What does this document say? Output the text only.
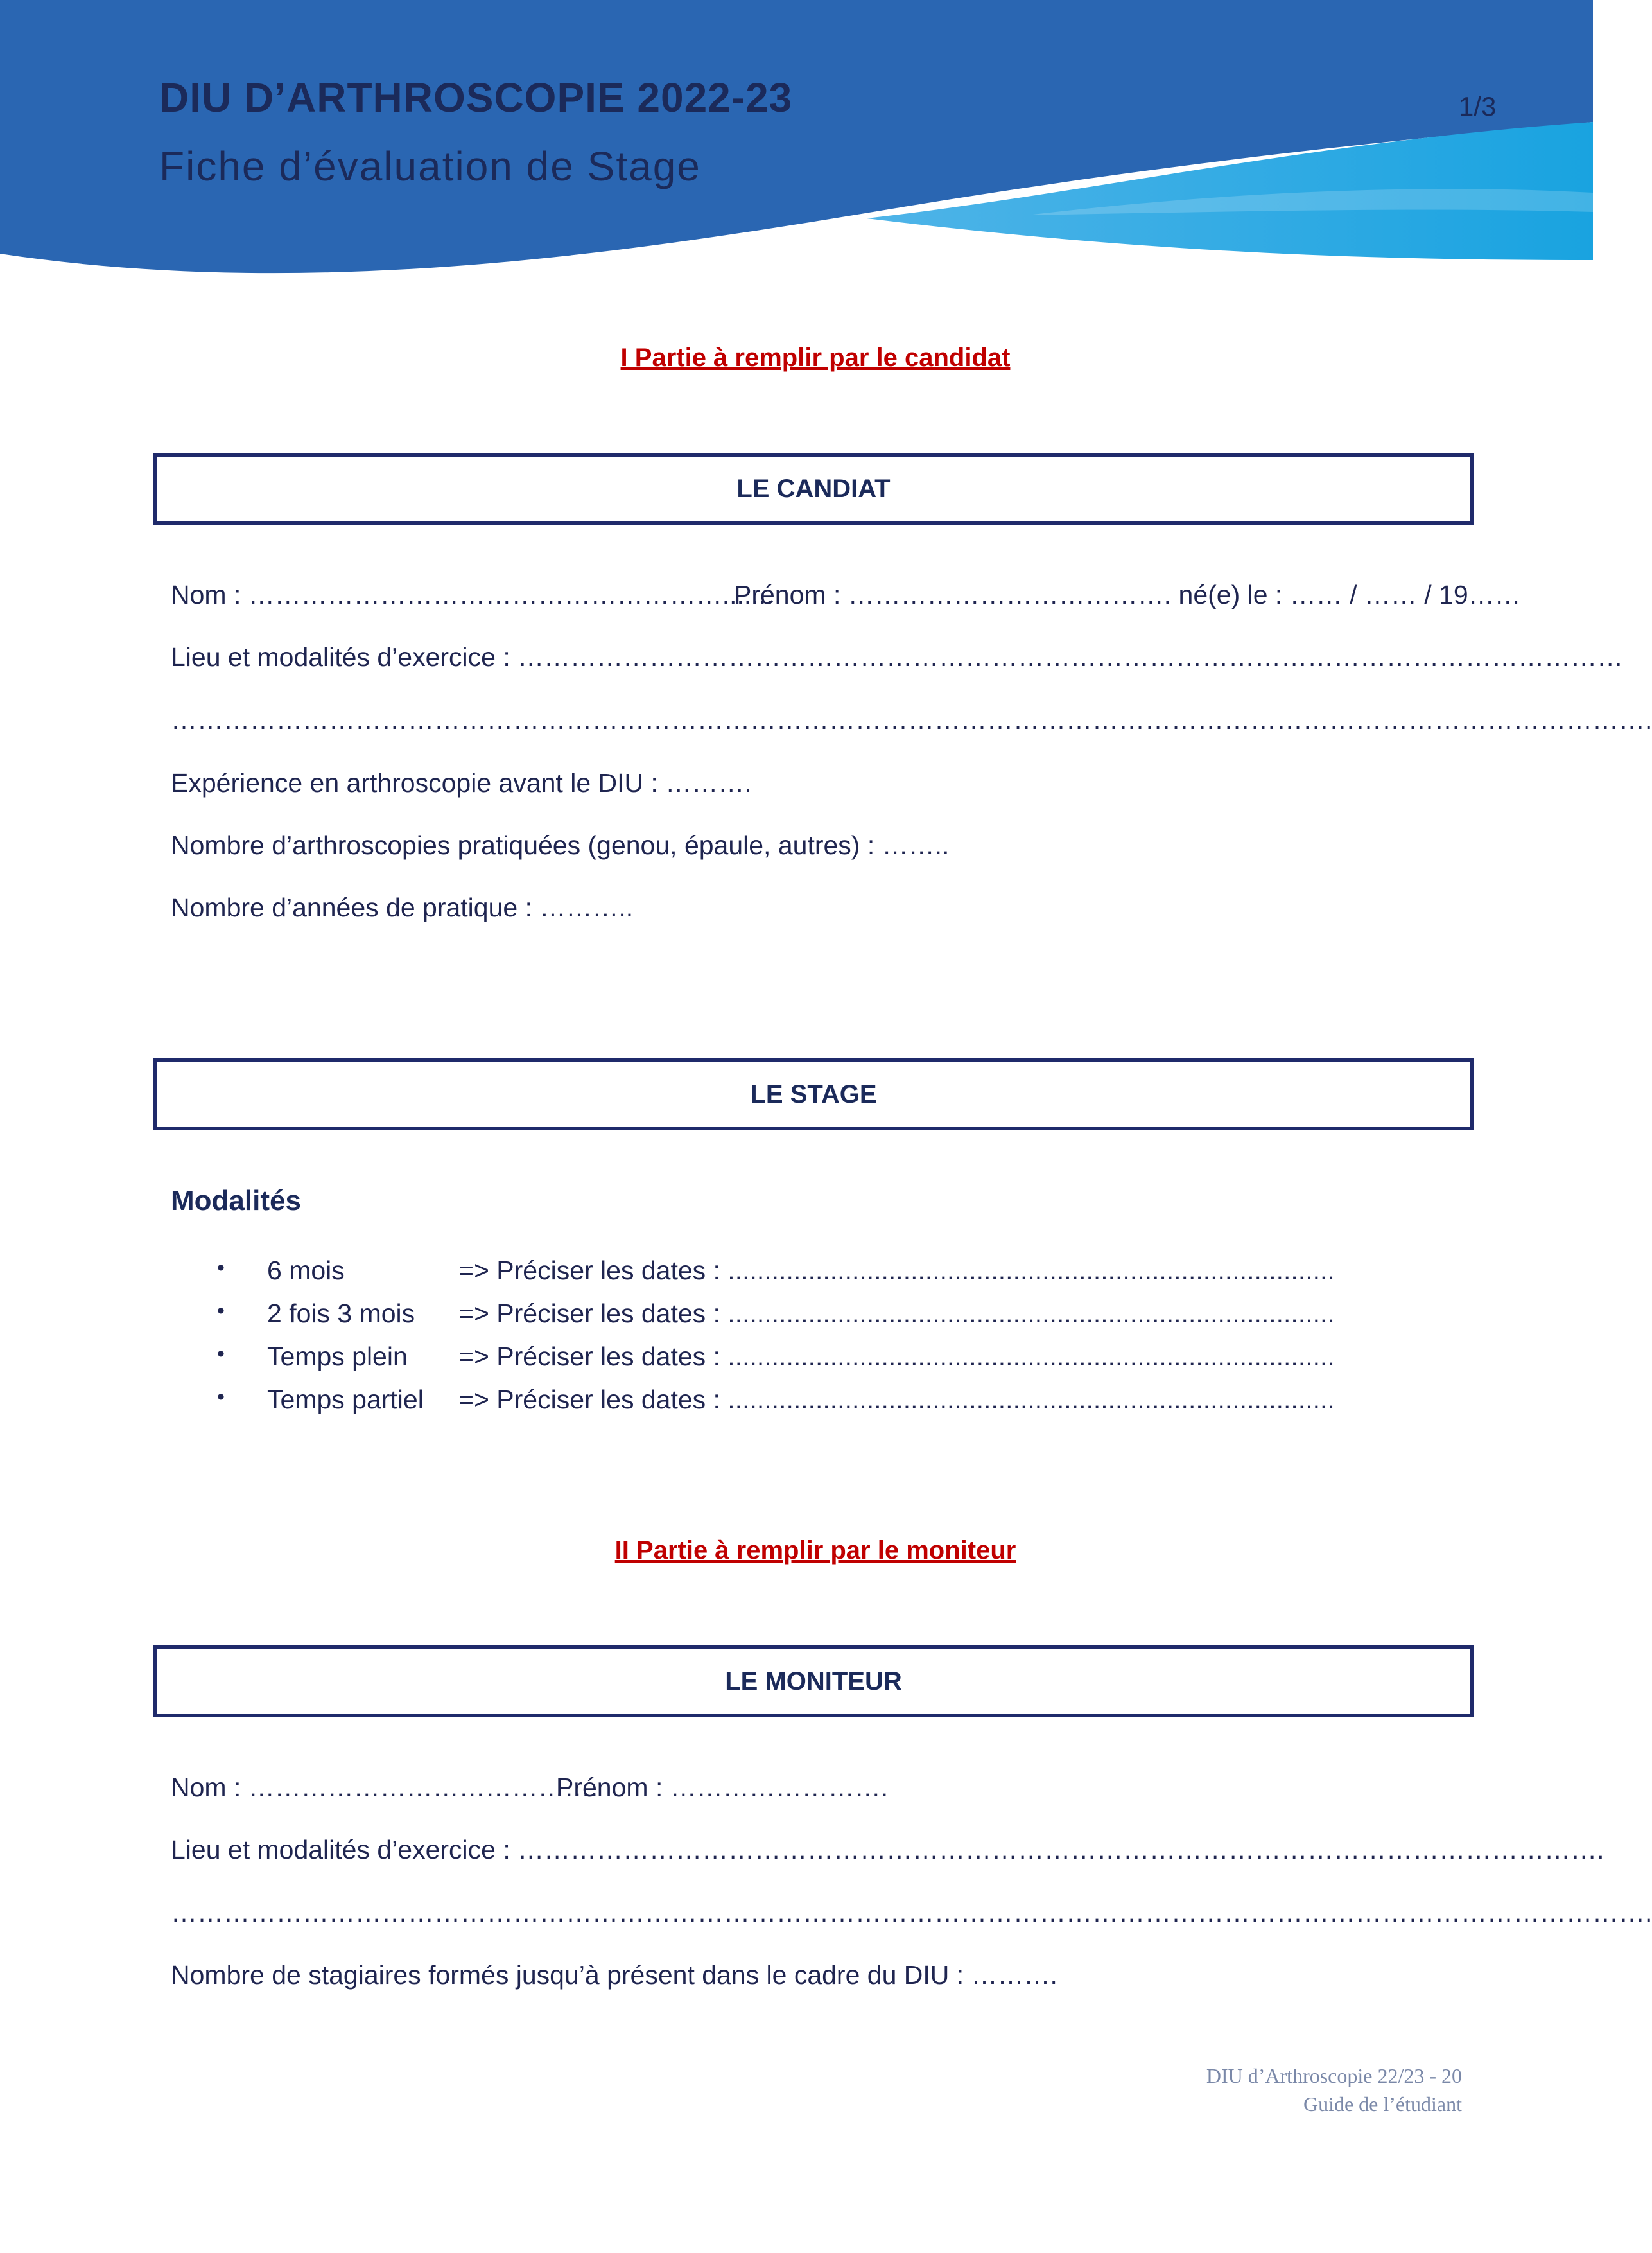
DIU D’ARTHROSCOPIE 2022-23
Fiche d’évaluation de Stage
1/3
I Partie à remplir par le candidat
LE CANDIAT
Nom : ……………………………………………….......
Prénom : ………………………………. né(e) le : …… / …… / 19……
Lieu et modalités d’exercice : ………………………………………………………………………………………………………………
…………………………………………………………………………………………………………………………………………………….
Expérience en arthroscopie avant le DIU : ……….
Nombre d’arthroscopies pratiquées (genou, épaule, autres) : ……..
Nombre d’années de pratique : ………..
LE STAGE
Modalités
• 6 mois	=> Préciser les dates : ...................................................................................
• 2 fois 3 mois => Préciser les dates : ...................................................................................
• Temps plein => Préciser les dates : ...................................................................................
• Temps partiel => Préciser les dates : ...................................................................................
II Partie à remplir par le moniteur
LE MONITEUR
Nom : ………………………………….
Prénom : …………………….
Lieu et modalités d’exercice : …………………………………………………………………………………………………………….
…………………………………………………………………………………………………………………………………………………….
Nombre de stagiaires formés jusqu’à présent dans le cadre du DIU : ……….
DIU d’Arthroscopie 22/23 - 20
Guide de l’étudiant
